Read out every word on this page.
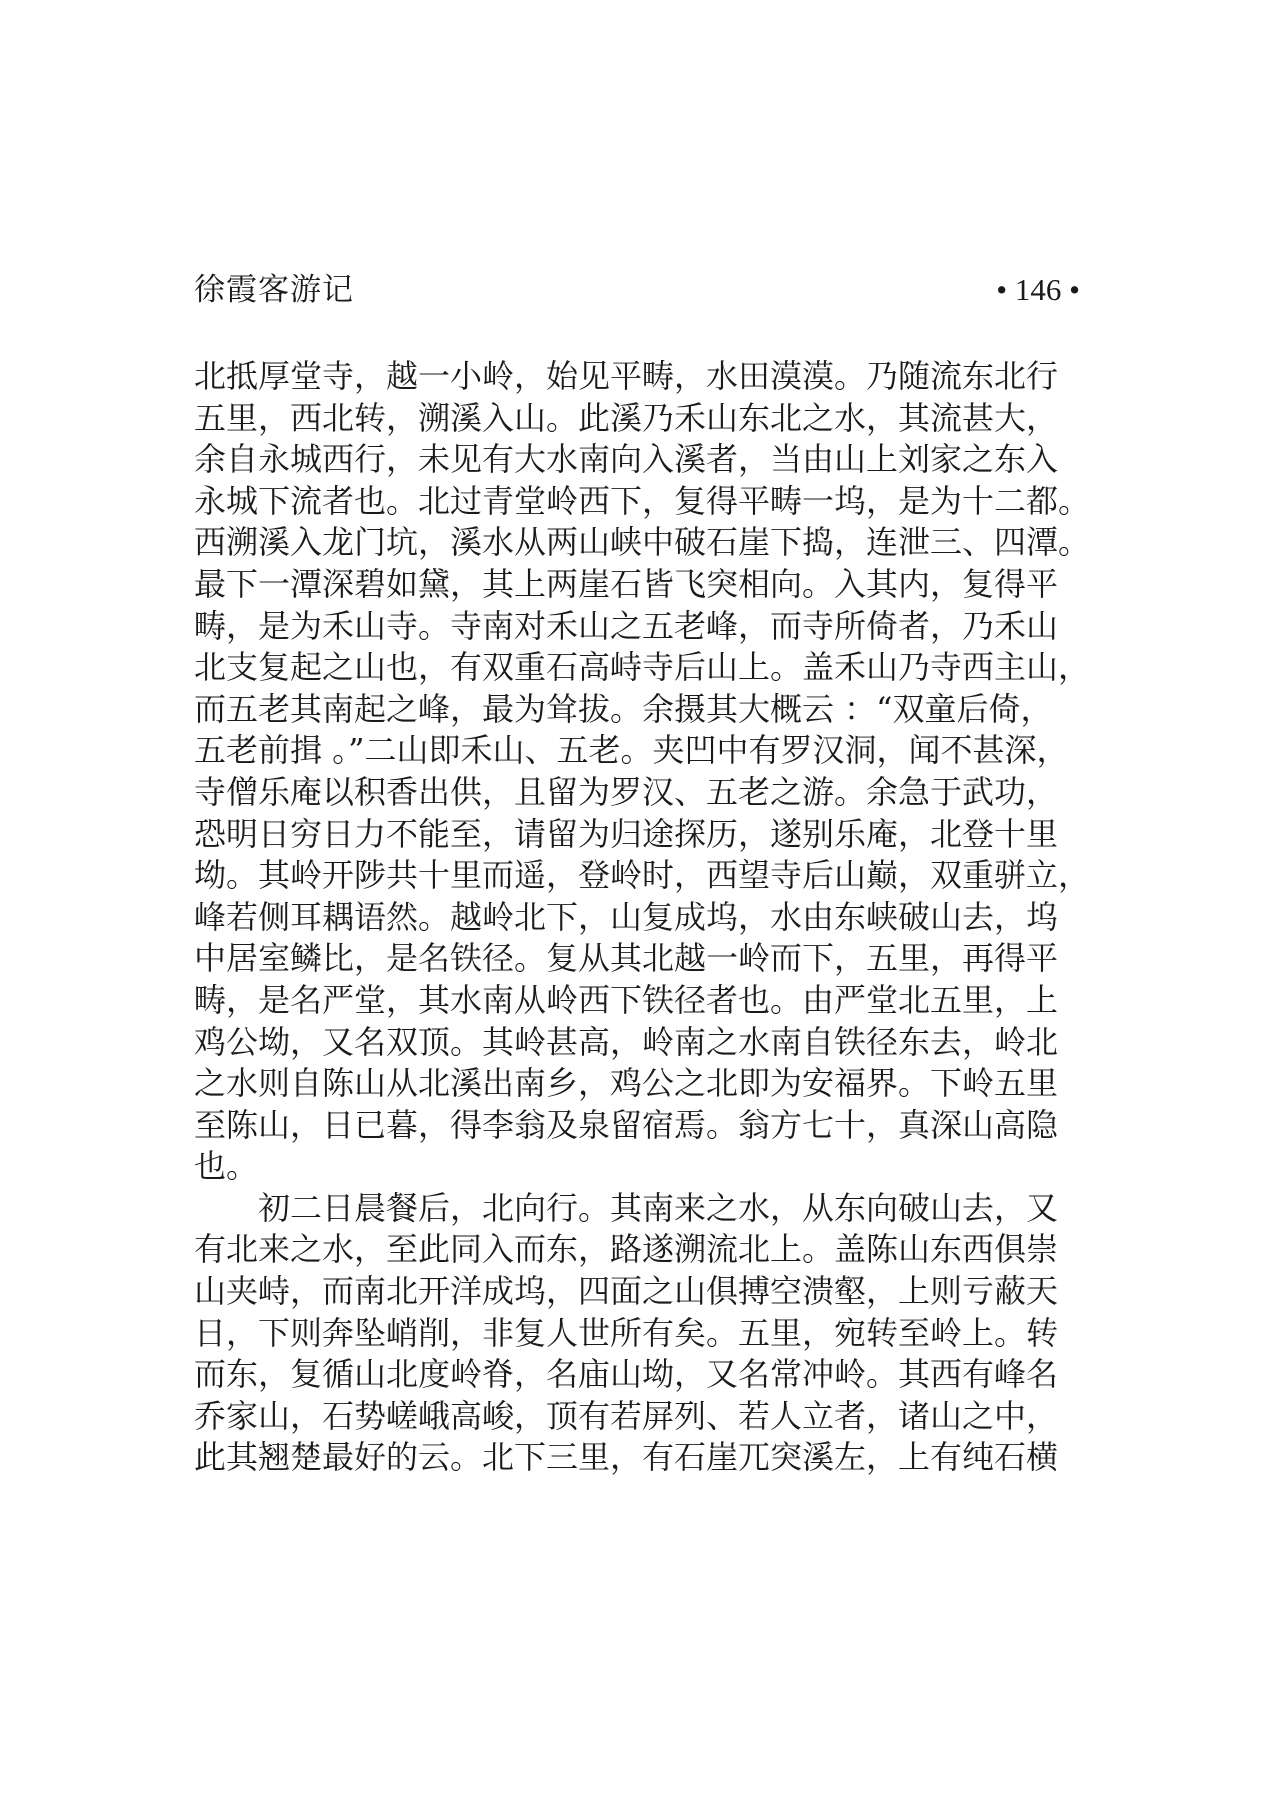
徐霞客游记	• 146 •
北抵厚堂寺，越一小岭，始见平畴，水田漠漠。乃随流东北行
五里，西北转，溯溪入山。此溪乃禾山东北之水，其流甚大，
余自永城西行，未见有大水南向入溪者，当由山上刘家之东入
永城下流者也。北过青堂岭西下，复得平畴一坞，是为十二都。
西溯溪入龙门坑，溪水从两山峡中破石崖下捣，连泄三、四潭。
最下一潭深碧如黛，其上两崖石皆飞突相向。入其内，复得平
畴，是为禾山寺。寺南对禾山之五老峰，而寺所倚者，乃禾山
北支复起之山也，有双重石高峙寺后山上。盖禾山乃寺西主山，
而五老其南起之峰，最为耸拔。余摄其大概云 ：“双童后倚，
五老前揖 。”二山即禾山、五老。夹凹中有罗汉洞，闻不甚深，
寺僧乐庵以积香出供，且留为罗汉、五老之游。余急于武功，
恐明日穷日力不能至，请留为归途探历，遂别乐庵，北登十里
坳。其岭开陟共十里而遥，登岭时，西望寺后山巅，双重骈立，
峰若侧耳耦语然。越岭北下，山复成坞，水由东峡破山去，坞
中居室鳞比，是名铁径。复从其北越一岭而下，五里，再得平
畴，是名严堂，其水南从岭西下铁径者也。由严堂北五里，上
鸡公坳，又名双顶。其岭甚高，岭南之水南自铁径东去，岭北
之水则自陈山从北溪出南乡，鸡公之北即为安福界。下岭五里
至陈山，日已暮，得李翁及泉留宿焉。翁方七十，真深山高隐
也。
初二日晨餐后，北向行。其南来之水，从东向破山去，又
有北来之水，至此同入而东，路遂溯流北上。盖陈山东西俱崇
山夹峙，而南北开洋成坞，四面之山俱搏空溃壑，上则亏蔽天
日，下则奔坠峭削，非复人世所有矣。五里，宛转至岭上。转
而东，复循山北度岭脊，名庙山坳，又名常冲岭。其西有峰名
乔家山，石势嵯峨高峻，顶有若屏列、若人立者，诸山之中，
此其翘楚最好的云。北下三里，有石崖兀突溪左，上有纯石横
